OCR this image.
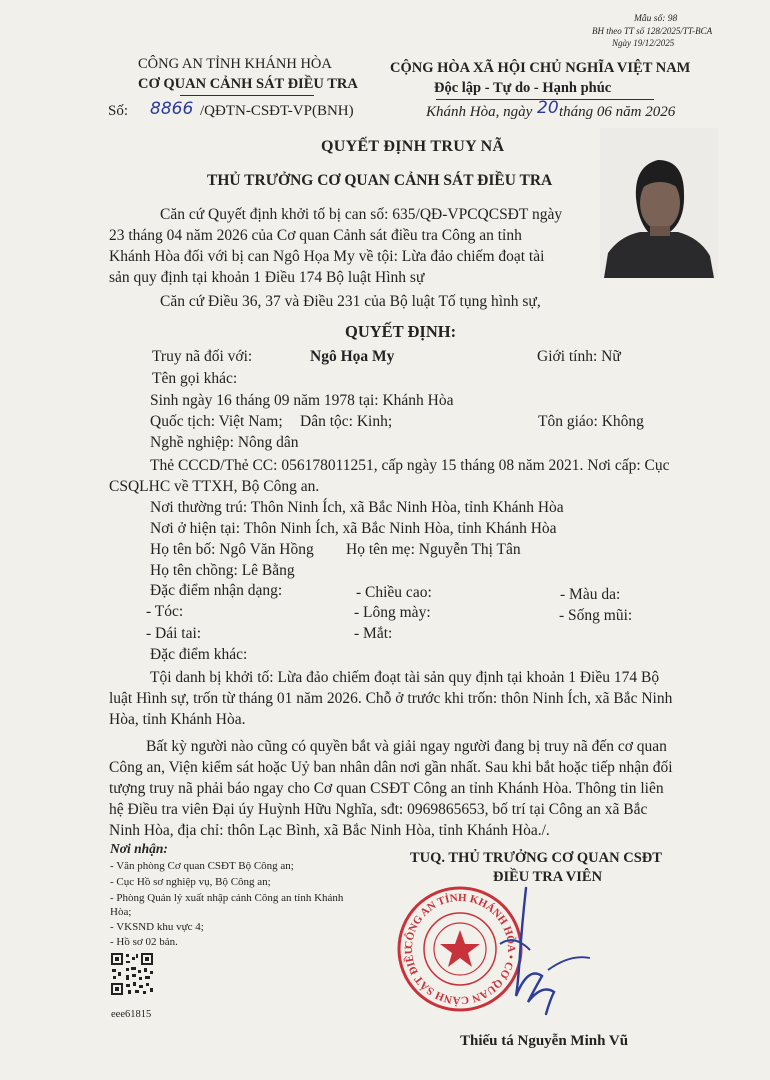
Mẫu số: 98
BH theo TT số 128/2025/TT-BCA
Ngày 19/12/2025
CÔNG AN TỈNH KHÁNH HÒA
CƠ QUAN CẢNH SÁT ĐIỀU TRA
CỘNG HÒA XÃ HỘI CHỦ NGHĨA VIỆT NAM
Độc lập - Tự do - Hạnh phúc
Số: 8866 /QĐTN-CSĐT-VP(BNH)	Khánh Hòa, ngày 20 tháng 06 năm 2026
QUYẾT ĐỊNH TRUY NÃ
THỦ TRƯỞNG CƠ QUAN CẢNH SÁT ĐIỀU TRA
Căn cứ Quyết định khởi tố bị can số: 635/QĐ-VPCQCSĐT ngày
23 tháng 04 năm 2026 của Cơ quan Cảnh sát điều tra Công an tỉnh
Khánh Hòa đối với bị can Ngô Họa My về tội: Lừa đảo chiếm đoạt tài
sản quy định tại khoản 1 Điều 174 Bộ luật Hình sự
Căn cứ Điều 36, 37 và Điều 231 của Bộ luật Tố tụng hình sự,
QUYẾT ĐỊNH:
Truy nã đối với:	Ngô Họa My	Giới tính: Nữ
Tên gọi khác:
Sinh ngày 16 tháng 09 năm 1978 tại: Khánh Hòa
Quốc tịch: Việt Nam; Dân tộc: Kinh;	Tôn giáo: Không
Nghề nghiệp: Nông dân
Thẻ CCCD/Thẻ CC: 056178011251, cấp ngày 15 tháng 08 năm 2021. Nơi cấp: Cục
CSQLHC về TTXH, Bộ Công an.
Nơi thường trú: Thôn Ninh Ích, xã Bắc Ninh Hòa, tỉnh Khánh Hòa
Nơi ở hiện tại: Thôn Ninh Ích, xã Bắc Ninh Hòa, tỉnh Khánh Hòa
Họ tên bố: Ngô Văn Hồng Họ tên mẹ: Nguyễn Thị Tân
Họ tên chồng: Lê Bằng
Đặc điểm nhận dạng:	- Chiều cao:	- Màu da:
- Tóc:	- Lông mày:	- Sống mũi:
- Dái tai:	- Mắt:
Đặc điểm khác:
Tội danh bị khởi tố: Lừa đảo chiếm đoạt tài sản quy định tại khoản 1 Điều 174 Bộ
luật Hình sự, trốn từ tháng 01 năm 2026. Chỗ ở trước khi trốn: thôn Ninh Ích, xã Bắc Ninh
Hòa, tỉnh Khánh Hòa.
Bất kỳ người nào cũng có quyền bắt và giải ngay người đang bị truy nã đến cơ quan
Công an, Viện kiểm sát hoặc Uỷ ban nhân dân nơi gần nhất. Sau khi bắt hoặc tiếp nhận đối
tượng truy nã phải báo ngay cho Cơ quan CSĐT Công an tỉnh Khánh Hòa. Thông tin liên
hệ Điều tra viên Đại úy Huỳnh Hữu Nghĩa, sđt: 0969865653, bố trí tại Công an xã Bắc
Ninh Hòa, địa chỉ: thôn Lạc Bình, xã Bắc Ninh Hòa, tỉnh Khánh Hòa./.
Nơi nhận:
- Văn phòng Cơ quan CSĐT Bộ Công an;
- Cục Hồ sơ nghiệp vụ, Bộ Công an;
- Phòng Quản lý xuất nhập cảnh Công an tỉnh Khánh
Hòa;
- VKSND khu vực 4;
- Hồ sơ 02 bản.
eee61815
TUQ. THỦ TRƯỞNG CƠ QUAN CSĐT
ĐIỀU TRA VIÊN
CÔNG AN TỈNH KHÁNH HÒA • CƠ QUAN CẢNH SÁT ĐIỀU
Thiếu tá Nguyễn Minh Vũ
